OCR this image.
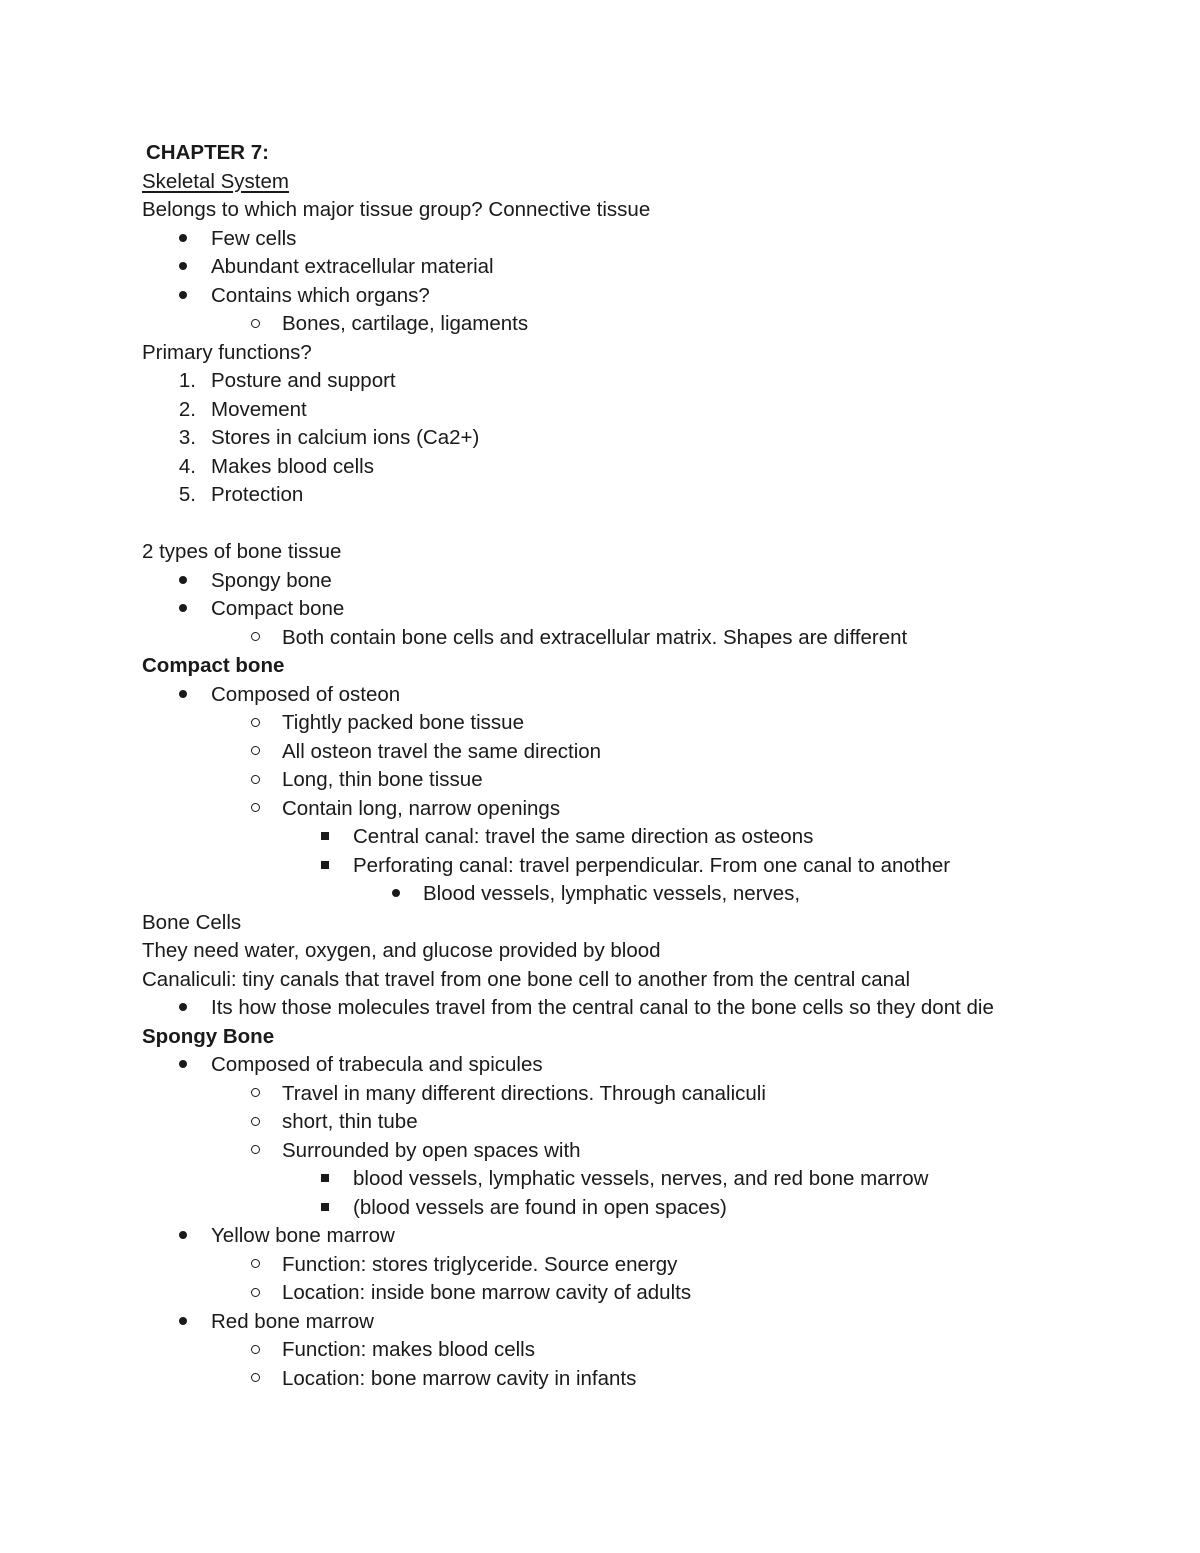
CHAPTER 7:
Skeletal System
Belongs to which major tissue group? Connective tissue
Few cells
Abundant extracellular material
Contains which organs?
Bones, cartilage, ligaments
Primary functions?
1. Posture and support
2. Movement
3. Stores in calcium ions (Ca2+)
4. Makes blood cells
5. Protection
2 types of bone tissue
Spongy bone
Compact bone
Both contain bone cells and extracellular matrix. Shapes are different
Compact bone
Composed of osteon
Tightly packed bone tissue
All osteon travel the same direction
Long, thin bone tissue
Contain long, narrow openings
Central canal: travel the same direction as osteons
Perforating canal: travel perpendicular. From one canal to another
Blood vessels, lymphatic vessels, nerves,
Bone Cells
They need water, oxygen, and glucose provided by blood
Canaliculi: tiny canals that travel from one bone cell to another from the central canal
Its how those molecules travel from the central canal to the bone cells so they dont die
Spongy Bone
Composed of trabecula and spicules
Travel in many different directions. Through canaliculi
short, thin tube
Surrounded by open spaces with
blood vessels, lymphatic vessels, nerves, and red bone marrow
(blood vessels are found in open spaces)
Yellow bone marrow
Function: stores triglyceride. Source energy
Location: inside bone marrow cavity of adults
Red bone marrow
Function: makes blood cells
Location: bone marrow cavity in infants
